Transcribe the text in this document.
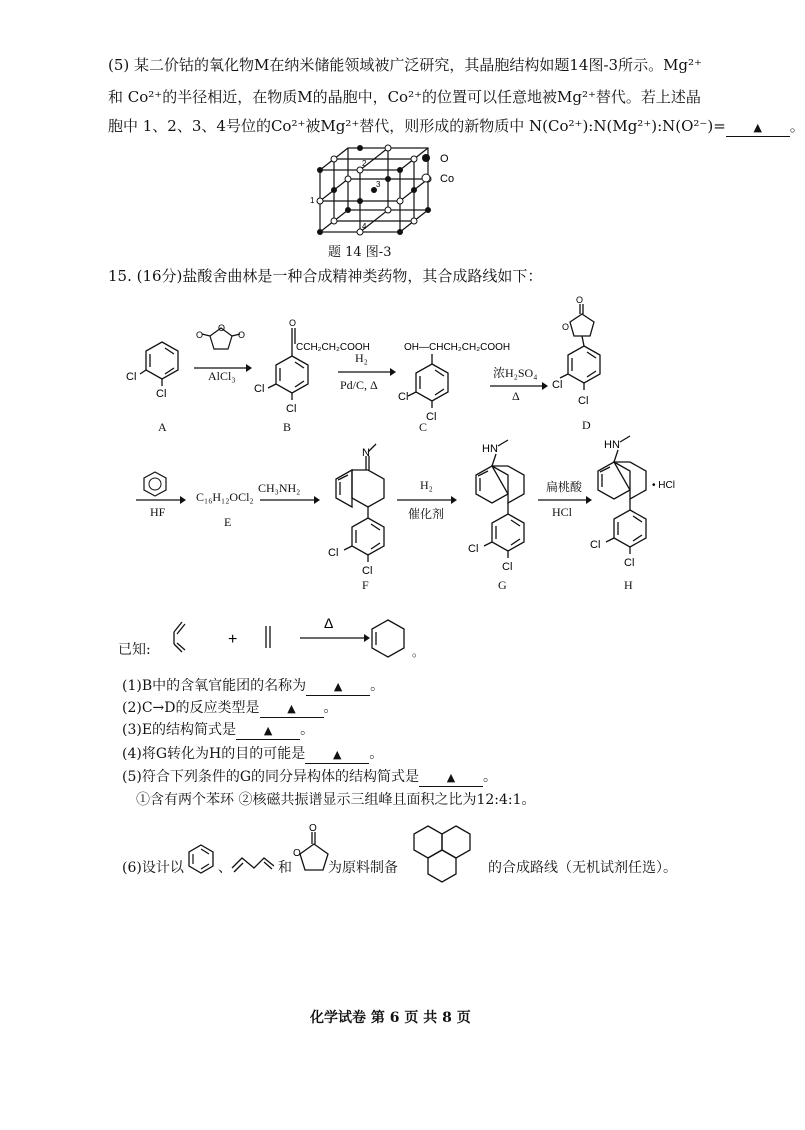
(5) 某二价钴的氧化物M在纳米储能领域被广泛研究，其晶胞结构如题14图-3所示。Mg²⁺
和 Co²⁺的半径相近，在物质M的晶胞中，Co²⁺的位置可以任意地被Mg²⁺替代。若上述晶
胞中 1、2、3、4号位的Co²⁺被Mg²⁺替代，则形成的新物质中 N(Co²⁺):N(Mg²⁺):N(O²⁻)=	▲ 。
1
2
3
4
O
Co
题 14 图-3
15. (16分)盐酸舍曲林是一种合成精神类药物，其合成路线如下：
Cl
Cl
O	O
O
AlCl₃
O
CCH₂CH₂COOH
Cl
Cl
H₂
Pd/C, Δ
OH—CHCH₂CH₂COOH
Cl
Cl
浓H₂SO₄
Δ
O
O
Cl
Cl
A	B	C	D
HF
C₁₆H₁₂OCl₂
CH₃NH₂
N
Cl
Cl
H₂
催化剂
HN
Cl
Cl
扁桃酸
HCl
HN
• HCl
Cl
Cl
E
F	G	H
已知:
+
Δ
。
(1)B中的含氧官能团的名称为	▲ 。
(2)C→D的反应类型是	▲ 。
(3)E的结构简式是	▲ 。
(4)将G转化为H的目的可能是	▲ 。
(5)符合下列条件的G的同分异构体的结构简式是	▲ 。
①含有两个苯环 ②核磁共振谱显示三组峰且面积之比为12:4:1。
(6)设计以 、	和
O
O
为原料制备	的合成路线（无机试剂任选）。
化学试卷 第 6 页 共 8 页
